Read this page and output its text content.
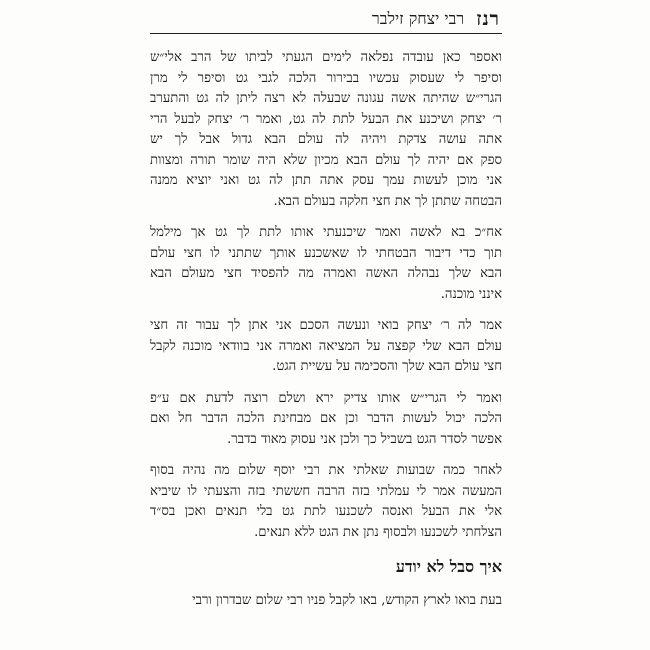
רנז
רבי יצחק זילבר
ואספר כאן עובדה נפלאה לימים הגעתי לביתו של הרב אלי״ש
וסיפר לי שעסוק עכשיו בבירור הלכה לגבי גט וסיפר לי מרן
הגרי״ש שהיתה אשה עגונה שבעלה לא רצה ליתן לה גט והתערב
ר׳ יצחק ושיכנע את הבעל לתת לה גט, ואמר ר׳ יצחק לבעל הרי
אתה עושה צדקת ויהיה לה עולם הבא גדול אבל לך יש
ספק אם יהיה לך עולם הבא מכיון שלא היה שומר תורה ומצוות
אני מוכן לעשות עמך עסק אתה תתן לה גט ואני יוציא ממנה
הבטחה שתתן לך את חצי חלקה בעולם הבא.
אח״כ בא לאשה ואמר שיכנעתי אותו לתת לך גט אך מילמל
תוך כדי דיבור הבטחתי לו שאשכנע אותך שתתני לו חצי עולם
הבא שלך נבהלה האשה ואמרה מה להפסיד חצי מעולם הבא
אינני מוכנה.
אמר לה ר׳ יצחק בואי ונעשה הסכם אני אתן לך עבור זה חצי
עולם הבא שלי קפצה על המציאה ואמרה אני בוודאי מוכנה לקבל
חצי עולם הבא שלך והסכימה על עשיית הגט.
ואמר לי הגרי״ש אותו צדיק ירא ושלם רוצה לדעת אם ע״פ
הלכה יכול לעשות הדבר וכן אם מבחינת הלכה הדבר חל ואם
אפשר לסדר הגט בשביל כך ולכן אני עסוק מאוד בדבר.
לאחר כמה שבועות שאלתי את רבי יוסף שלום מה נהיה בסוף
המעשה אמר לי עמלתי בזה הרבה חששתי בזה והצעתי לו שיביא
אלי את הבעל ואנסה לשכנעו לתת גט בלי תנאים ואכן בס״ד
הצלחתי לשכנעו ולבסוף נתן את הגט ללא תנאים.
איך סבל לא יודע
בעת בואו לארץ הקודש, באו לקבל פניו רבי שלום שבדרון ורבי
